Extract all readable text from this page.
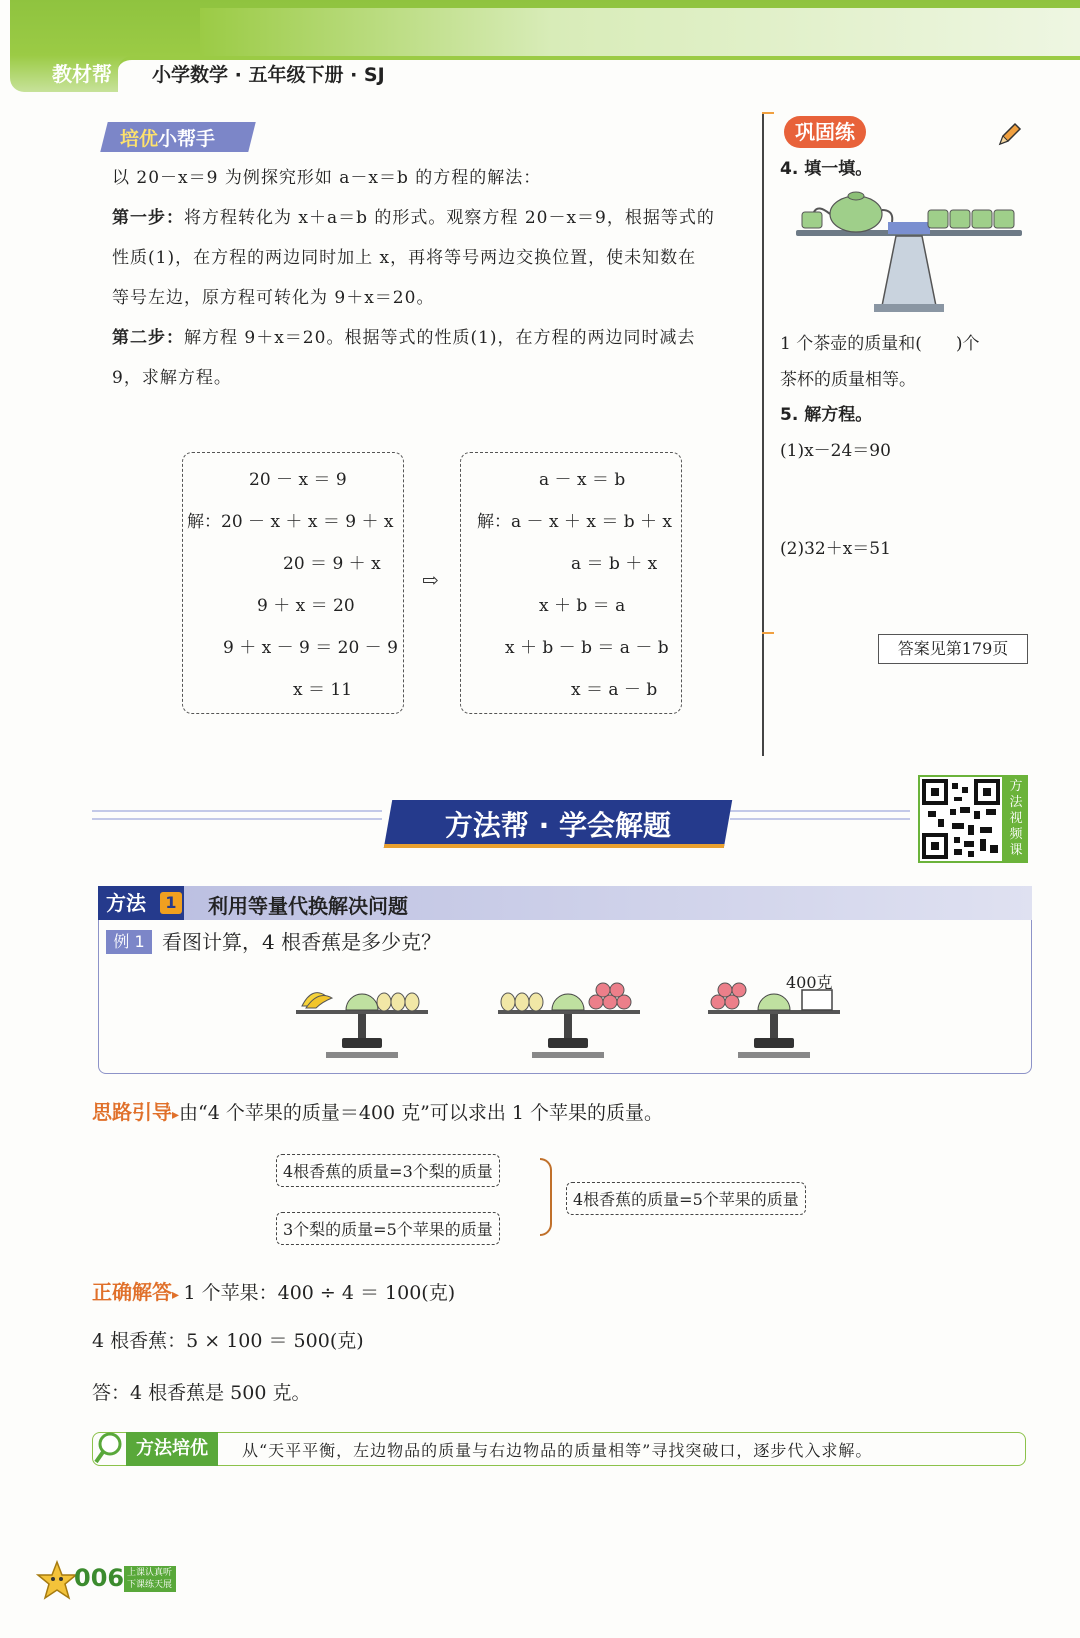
教材帮	小学数学 · 五年级下册 · SJ
培优小帮手
以 20－x＝9 为例探究形如 a－x＝b 的方程的解法：
第一步：将方程转化为 x＋a＝b 的形式。观察方程 20－x＝9，根据等式的
性质(1)，在方程的两边同时加上 x，再将等号两边交换位置，使未知数在
等号左边，原方程可转化为 9＋x＝20。
第二步：解方程 9＋x＝20。根据等式的性质(1)，在方程的两边同时减去
9，求解方程。
20 － x ＝ 9
解：20 － x ＋ x ＝ 9 ＋ x
20 ＝ 9 ＋ x
9 ＋ x ＝ 20
9 ＋ x － 9 ＝ 20 － 9
x ＝ 11
⇨
a － x ＝ b
解：a － x ＋ x ＝ b ＋ x
a ＝ b ＋ x
x ＋ b ＝ a
x ＋ b － b ＝ a － b
x ＝ a － b
巩固练
4. 填一填。
1 个茶壶的质量和(　　)个
茶杯的质量相等。
5. 解方程。
(1)x－24＝90
(2)32＋x＝51
答案见第179页
方法帮 · 学会解题
方
法
视
频
课
方法	1 利用等量代换解决问题
例 1 看图计算，4 根香蕉是多少克？
400克
思路引导▸由“4 个苹果的质量＝400 克”可以求出 1 个苹果的质量。
4根香蕉的质量=3个梨的质量
3个梨的质量=5个苹果的质量
4根香蕉的质量=5个苹果的质量
正确解答▸ 1 个苹果：400 ÷ 4 ＝ 100(克)
4 根香蕉：5 × 100 ＝ 500(克)
答：4 根香蕉是 500 克。
方法培优	从“天平平衡，左边物品的质量与右边物品的质量相等”寻找突破口，逐步代入求解。
006 上课认真听
下课练天展
